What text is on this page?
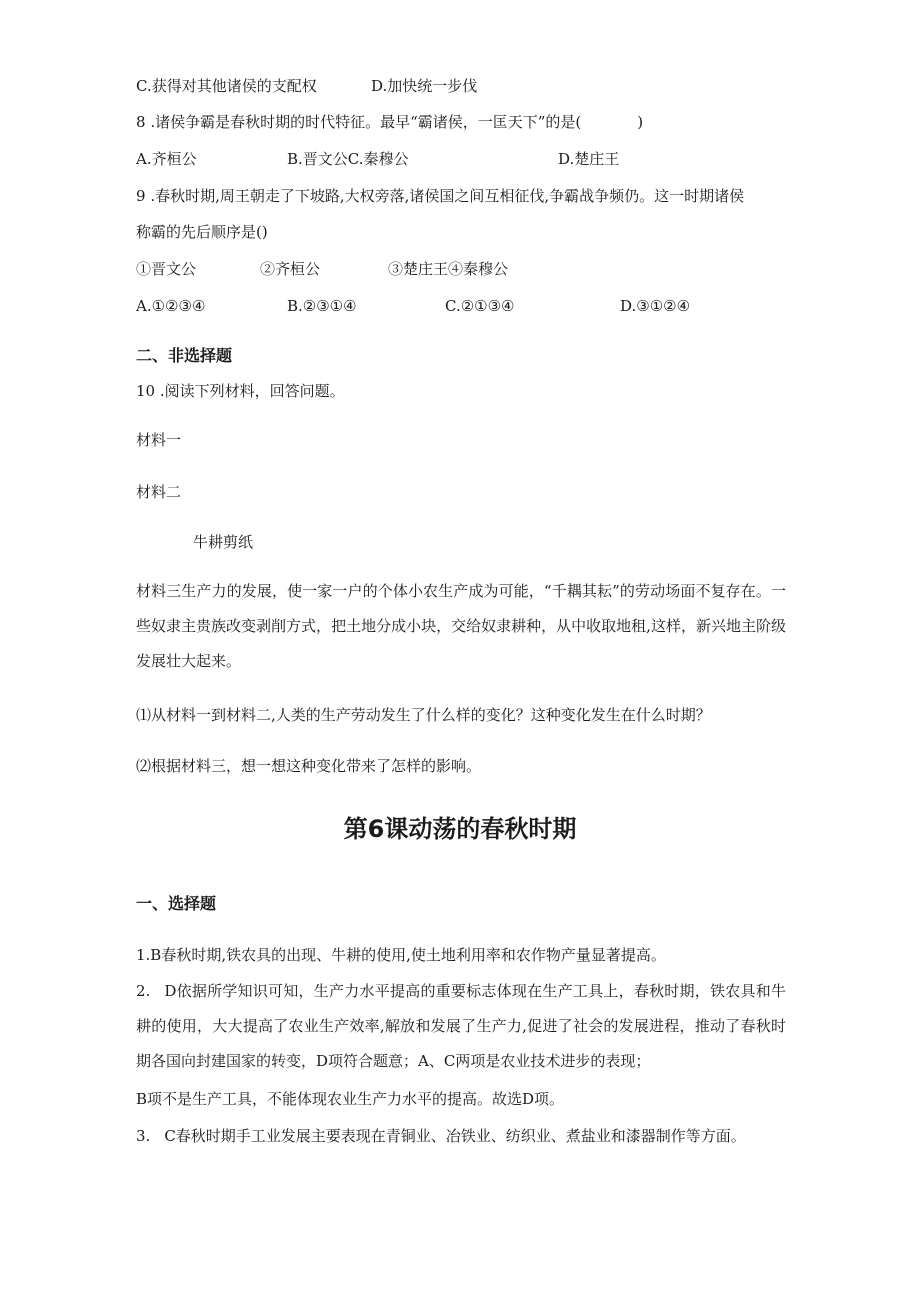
C.获得对其他诸侯的支配权	D.加快统一步伐
8 .诸侯争霸是春秋时期的时代特征。最早“霸诸侯，一匡天下”的是(	)
A.齐桓公	B.晋文公C.秦穆公	D.楚庄王
9 .春秋时期,周王朝走了下坡路,大权旁落,诸侯国之间互相征伐,争霸战争频仍。这一时期诸侯
称霸的先后顺序是()
①晋文公	②齐桓公	③楚庄王④秦穆公
A.①②③④	B.②③①④	C.②①③④	D.③①②④
二、非选择题
10 .阅读下列材料，回答问题。
材料一
材料二
牛耕剪纸
材料三生产力的发展，使一家一户的个体小农生产成为可能，“千耦其耘”的劳动场面不复存在。一些奴隶主贵族改变剥削方式，把土地分成小块，交给奴隶耕种，从中收取地租,这样，新兴地主阶级发展壮大起来。
⑴从材料一到材料二,人类的生产劳动发生了什么样的变化？这种变化发生在什么时期？
⑵根据材料三，想一想这种变化带来了怎样的影响。
第6课动荡的春秋时期
一、选择题
1.B春秋时期,铁农具的出现、牛耕的使用,使土地利用率和农作物产量显著提高。
2. D依据所学知识可知，生产力水平提高的重要标志体现在生产工具上，春秋时期，铁农具和牛耕的使用，大大提高了农业生产效率,解放和发展了生产力,促进了社会的发展进程，推动了春秋时期各国向封建国家的转变，D项符合题意；A、C两项是农业技术进步的表现；
B项不是生产工具，不能体现农业生产力水平的提高。故选D项。
3. C春秋时期手工业发展主要表现在青铜业、冶铁业、纺织业、煮盐业和漆器制作等方面。
